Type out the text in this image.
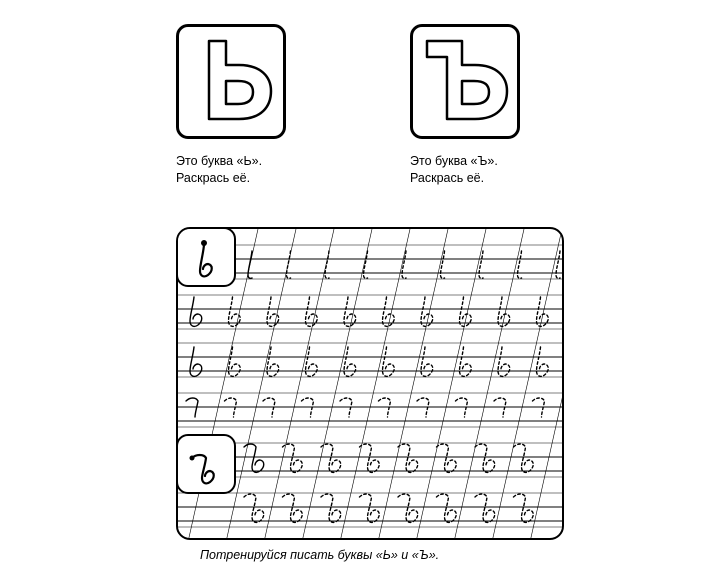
Это буква «Ь».
Раскрась её.
Это буква «Ъ».
Раскрась её.
Потренируйся писать буквы «Ь» и «Ъ».
